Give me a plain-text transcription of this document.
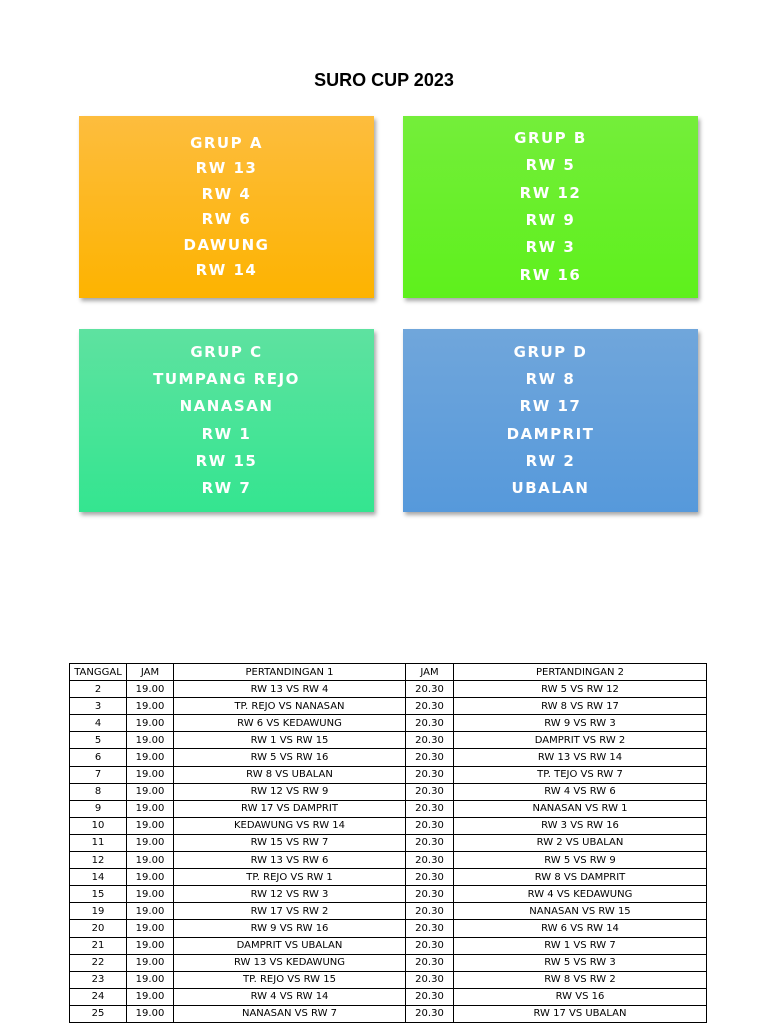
SURO CUP 2023
GRUP A
RW 13
RW 4
RW 6
DAWUNG
RW 14
GRUP B
RW 5
RW 12
RW 9
RW 3
RW 16
GRUP C
TUMPANG REJO
NANASAN
RW 1
RW 15
RW 7
GRUP D
RW 8
RW 17
DAMPRIT
RW 2
UBALAN
TANGGAL	JAM	PERTANDINGAN 1	JAM	PERTANDINGAN 2
2	19.00	RW 13 VS RW 4	20.30	RW 5 VS RW 12
3	19.00	TP. REJO VS NANASAN	20.30	RW 8 VS RW 17
4	19.00	RW 6 VS KEDAWUNG	20.30	RW 9 VS RW 3
5	19.00	RW 1 VS RW 15	20.30	DAMPRIT VS RW 2
6	19.00	RW 5 VS RW 16	20.30	RW 13 VS RW 14
7	19.00	RW 8 VS UBALAN	20.30	TP. TEJO VS RW 7
8	19.00	RW 12 VS RW 9	20.30	RW 4 VS RW 6
9	19.00	RW 17 VS DAMPRIT	20.30	NANASAN VS RW 1
10	19.00	KEDAWUNG VS RW 14	20.30	RW 3 VS RW 16
11	19.00	RW 15 VS RW 7	20.30	RW 2 VS UBALAN
12	19.00	RW 13 VS RW 6	20.30	RW 5 VS RW 9
14	19.00	TP. REJO VS RW 1	20.30	RW 8 VS DAMPRIT
15	19.00	RW 12 VS RW 3	20.30	RW 4 VS KEDAWUNG
19	19.00	RW 17 VS RW 2	20.30	NANASAN VS RW 15
20	19.00	RW 9 VS RW 16	20.30	RW 6 VS RW 14
21	19.00	DAMPRIT VS UBALAN	20.30	RW 1 VS RW 7
22	19.00	RW 13 VS KEDAWUNG	20.30	RW 5 VS RW 3
23	19.00	TP. REJO VS RW 15	20.30	RW 8 VS RW 2
24	19.00	RW 4 VS RW 14	20.30	RW VS 16
25	19.00	NANASAN VS RW 7	20.30	RW 17 VS UBALAN
